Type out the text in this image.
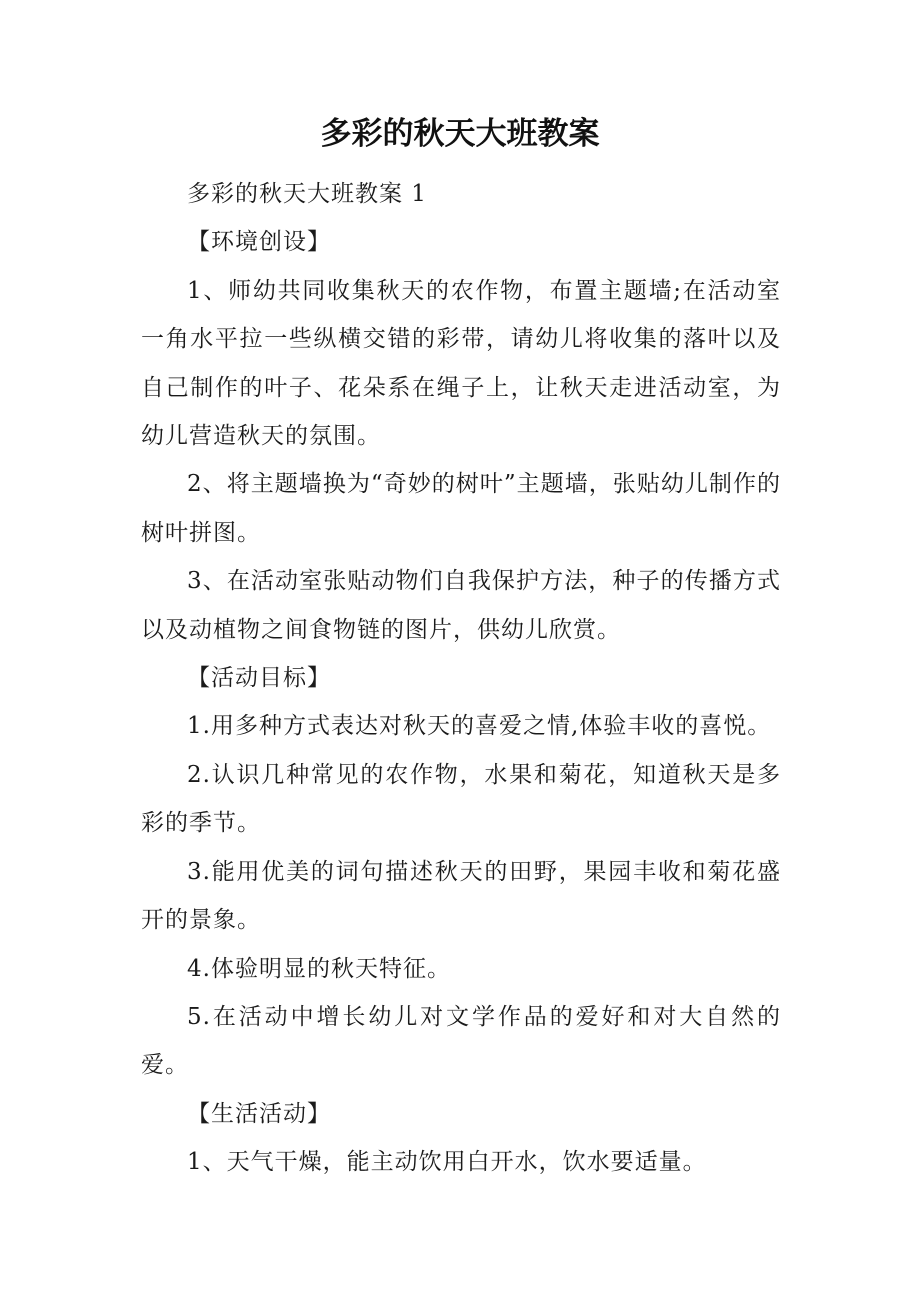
多彩的秋天大班教案

多彩的秋天大班教案 1

【环境创设】

1、师幼共同收集秋天的农作物，布置主题墙;在活动室一角水平拉一些纵横交错的彩带，请幼儿将收集的落叶以及自己制作的叶子、花朵系在绳子上，让秋天走进活动室，为幼儿营造秋天的氛围。

2、将主题墙换为“奇妙的树叶”主题墙，张贴幼儿制作的树叶拼图。

3、在活动室张贴动物们自我保护方法，种子的传播方式以及动植物之间食物链的图片，供幼儿欣赏。

【活动目标】

1.用多种方式表达对秋天的喜爱之情,体验丰收的喜悦。

2.认识几种常见的农作物，水果和菊花，知道秋天是多彩的季节。

3.能用优美的词句描述秋天的田野，果园丰收和菊花盛开的景象。

4.体验明显的秋天特征。

5.在活动中增长幼儿对文学作品的爱好和对大自然的爱。

【生活活动】

1、天气干燥，能主动饮用白开水，饮水要适量。
